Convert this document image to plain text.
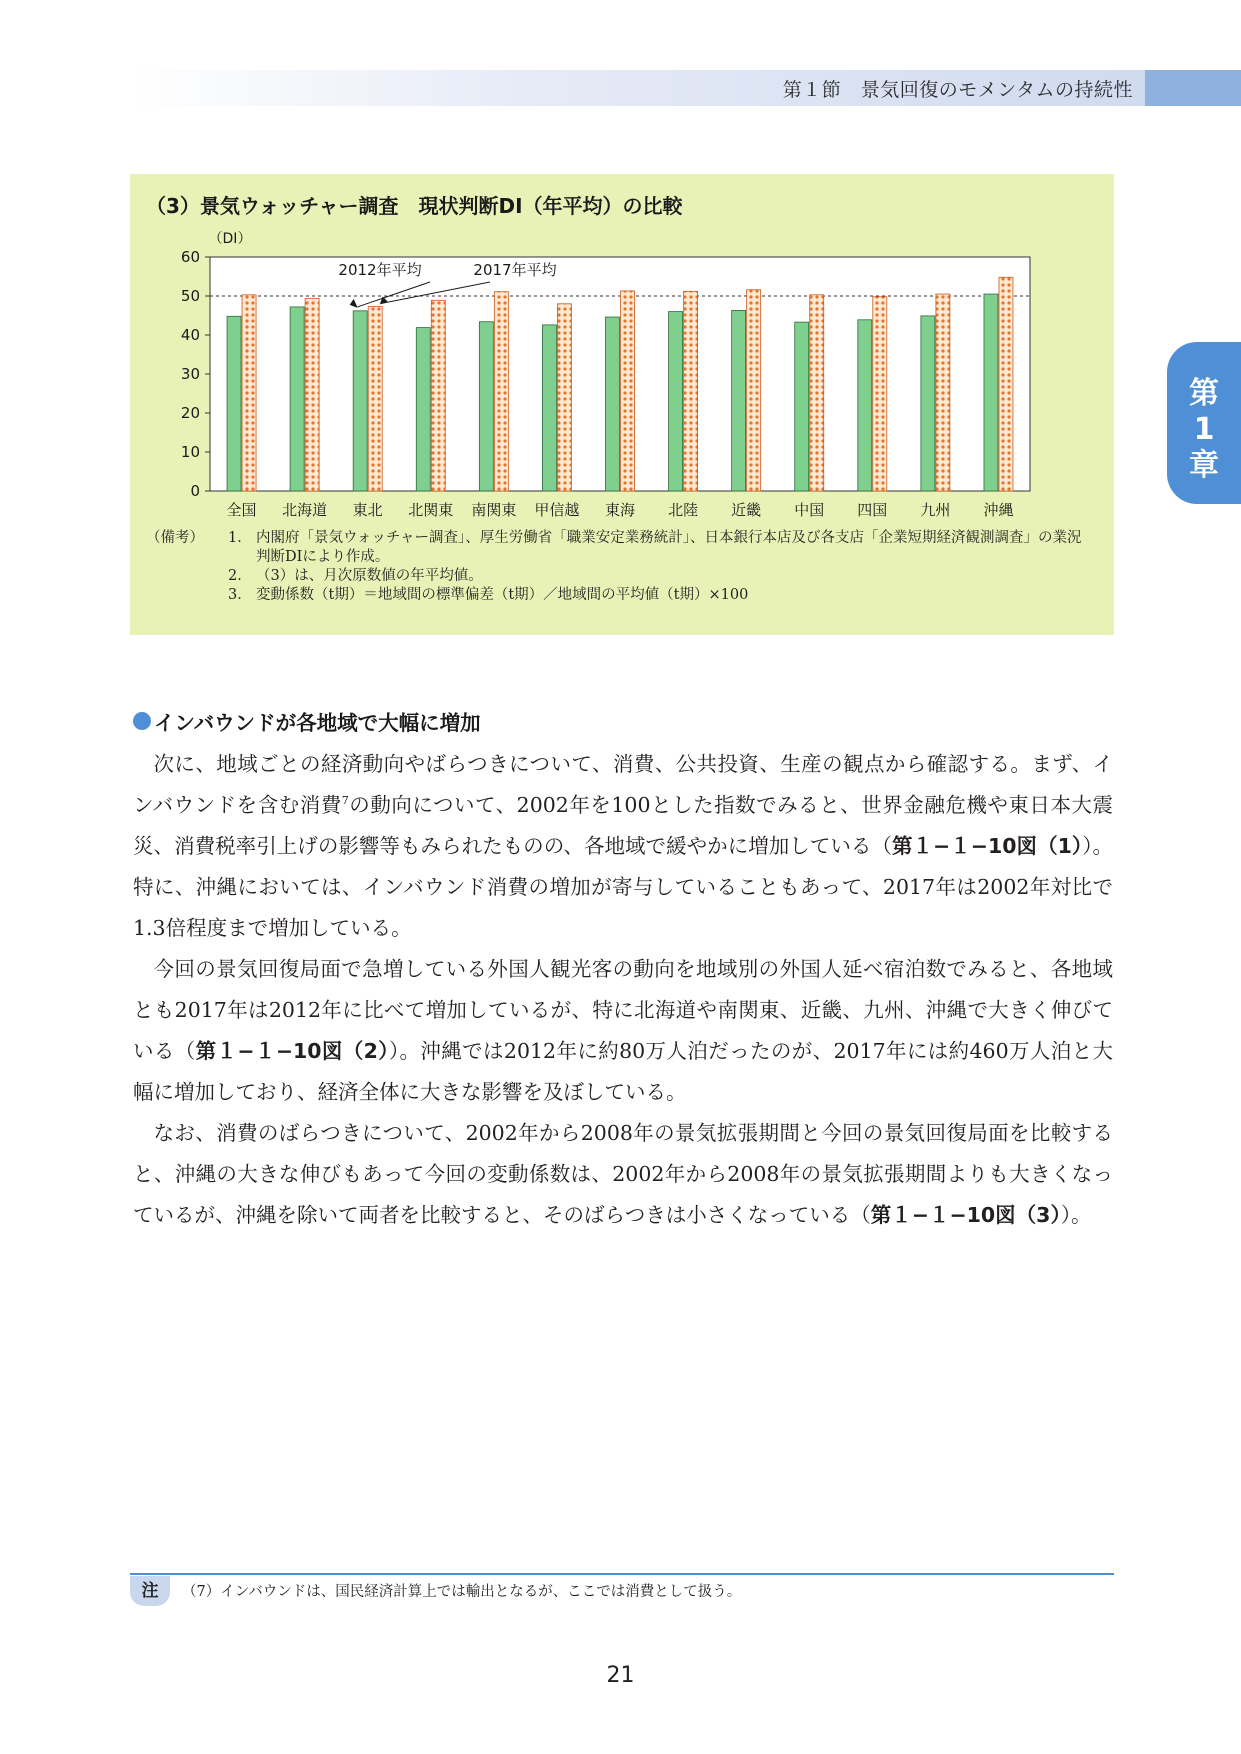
第１節　景気回復のモメンタムの持続性
第
1
章
（3）景気ウォッチャー調査　現状判断DI（年平均）の比較
0
10
20
30
40
50
60
（DI）
全国 北海道 東北 北関東 南関東 甲信越 東海 北陸 近畿 中国 四国 九州 沖縄
2012年平均	2017年平均
（備考）	1． 内閣府「景気ウォッチャー調査」、厚生労働省「職業安定業務統計」、日本銀行本店及び各支店「企業短期経済観測調査」の業況判断DIにより作成。
2． （3）は、月次原数値の年平均値。
3． 変動係数（t期）＝地域間の標準偏差（t期）／地域間の平均値（t期）×100
インバウンドが各地域で大幅に増加

次に、地域ごとの経済動向やばらつきについて、消費、公共投資、生産の観点から確認する。まず、インバウンドを含む消費$^7$の動向について、2002年を100とした指数でみると、世界金融危機や東日本大震災、消費税率引上げの影響等もみられたものの、各地域で緩やかに増加している（第１−１−10図（1））。特に、沖縄においては、インバウンド消費の増加が寄与していることもあって、2017年は2002年対比で1.3倍程度まで増加している。

今回の景気回復局面で急増している外国人観光客の動向を地域別の外国人延べ宿泊数でみると、各地域とも2017年は2012年に比べて増加しているが、特に北海道や南関東、近畿、九州、沖縄で大きく伸びている（第１−１−10図（2））。沖縄では2012年に約80万人泊だったのが、2017年には約460万人泊と大幅に増加しており、経済全体に大きな影響を及ぼしている。

なお、消費のばらつきについて、2002年から2008年の景気拡張期間と今回の景気回復局面を比較すると、沖縄の大きな伸びもあって今回の変動係数は、2002年から2008年の景気拡張期間よりも大きくなっているが、沖縄を除いて両者を比較すると、そのばらつきは小さくなっている（第１−１−10図（3））。

注	（7）インバウンドは、国民経済計算上では輸出となるが、ここでは消費として扱う。
21
